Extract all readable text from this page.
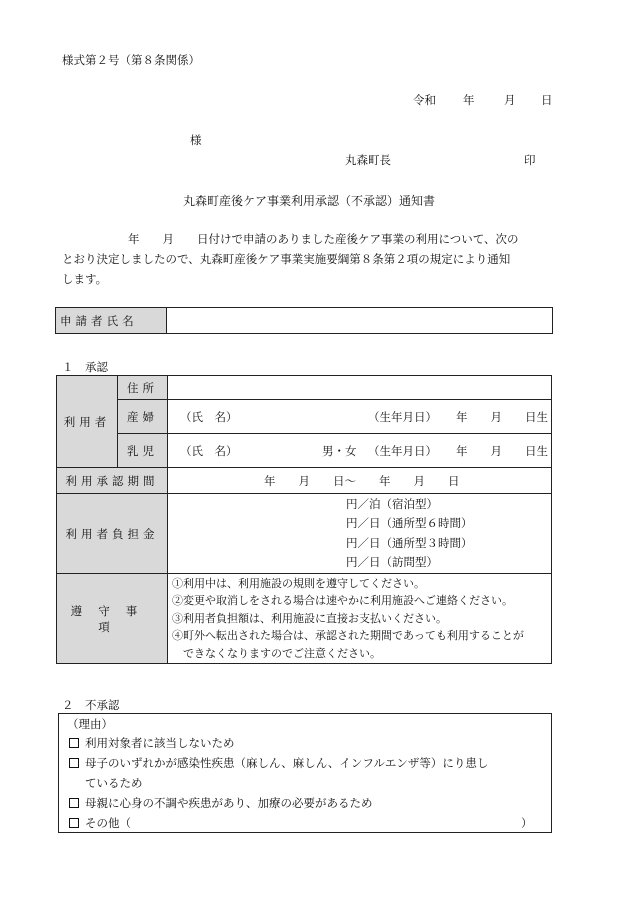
様式第２号（第８条関係）
令和 年	月 日
様
丸森町長	印
丸森町産後ケア事業利用承認（不承認）通知書
年　　月　　日付けで申請のありました産後ケア事業の利用について、次の
とおり決定しましたので、丸森町産後ケア事業実施要綱第８条第２項の規定により通知
します。
申請者氏名	
１　承認
利用者	住所	
	産婦	（氏　名） （生年月日） 年　　月　　日生

	乳児	（氏　名） 男・女 （生年月日） 年　　月　　日生

利用承認期間		年　　月　　日～　　年　　月　　日
利用者負担金		円／泊（宿泊型）
円／日（通所型６時間）
円／日（通所型３時間）
円／日（訪問型）

遵守事項		①利用中は、利用施設の規則を遵守してください。
②変更や取消しをされる場合は速やかに利用施設へご連絡ください。
③利用者負担額は、利用施設に直接お支払いください。
④町外へ転出された場合は、承認された期間であっても利用することが
　できなくなりますのでご注意ください。
２　不承認
（理由）
利用対象者に該当しないため
母子のいずれかが感染性疾患（麻しん、麻しん、インフルエンザ等）にり患し
ているため
母親に心身の不調や疾患があり、加療の必要があるため
その他（	）
